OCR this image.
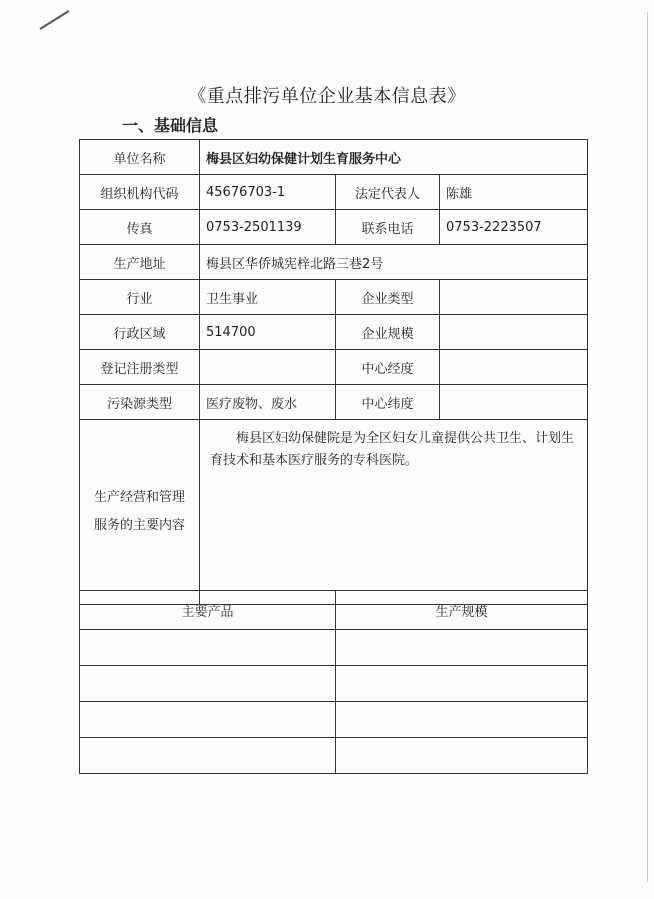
《重点排污单位企业基本信息表》
一、基础信息
单位名称	梅县区妇幼保健计划生育服务中心		
组织机构代码	45676703-1	法定代表人	陈雄
传真	0753-2501139	联系电话	0753-2223507
生产地址	梅县区华侨城宪梓北路三巷2号		
行业	卫生事业	企业类型	
行政区域	514700	企业规模	
登记注册类型		中心经度	
污染源类型	医疗废物、废水	中心纬度	

生产经营和管理
服务的主要内容	梅县区妇幼保健院是为全区妇女儿童提供公共卫生、计划生育技术和基本医疗服务的专科医院。		
主要产品	生产规模
